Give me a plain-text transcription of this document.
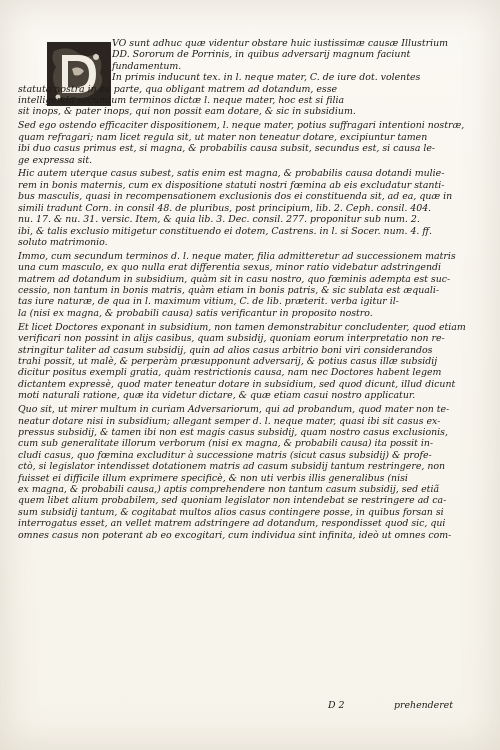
VO sunt adhuc quæ videntur obstare huic iustissimæ causæ Illustrium
DD. Sororum de Porrinis, in quibus adversarij magnum faciunt
fundamentum.
In primis inducunt tex. in l. neque mater, C. de iure dot. volentes
statuta nostra in ea parte, qua obligant matrem ad dotandum, esse
intelligenda secundum terminos dictæ l. neque mater, hoc est si filia
sit inops, & pater inops, qui non possit eam dotare, & sic in subsidium.
Sed ego ostendo efficaciter dispositionem, l. neque mater, potius suffragari intentioni nostræ,
quam refragari; nam licet regula sit, ut mater non teneatur dotare, excipiuntur tamen
ibi duo casus primus est, si magna, & probabilis causa subsit, secundus est, si causa le-
ge expressa sit.
Hic autem uterque casus subest, satis enim est magna, & probabilis causa dotandi mulie-
rem in bonis maternis, cum ex dispositione statuti nostri fœmina ab eis excludatur stanti-
bus masculis, quasi in recompensationem exclusionis dos ei constituenda sit, ad ea, quæ in
simili tradunt Corn. in consil 48. de pluribus, post principium, lib. 2. Ceph. consil. 404.
nu. 17. & nu. 31. versic. Item, & quia lib. 3. Dec. consil. 277. proponitur sub num. 2.
ibi, & talis exclusio mitigetur constituendo ei dotem, Castrens. in l. si Socer. num. 4. ff.
soluto matrimonio.
Immo, cum secundum terminos d. l. neque mater, filia admitteretur ad successionem matris
una cum masculo, ex quo nulla erat differentia sexus, minor ratio videbatur adstringendi
matrem ad dotandum in subsidium, quàm sit in casu nostro, quo fœminis adempta est suc-
cessio, non tantum in bonis matris, quàm etiam in bonis patris, & sic sublata est æquali-
tas iure naturæ, de qua in l. maximum vitium, C. de lib. præterit. verba igitur il-
la (nisi ex magna, & probabili causa) satis verificantur in proposito nostro.
Et licet Doctores exponant in subsidium, non tamen demonstrabitur concludenter, quod etiam
verificari non possint in alijs casibus, quam subsidij, quoniam eorum interpretatio non re-
stringitur taliter ad casum subsidij, quin ad alios casus arbitrio boni viri considerandos
trahi possit, ut malè, & perperàm præsupponunt adversarij, & potius casus illæ subsidij
dicitur positus exempli gratia, quàm restrictionis causa, nam nec Doctores habent legem
dictantem expressè, quod mater teneatur dotare in subsidium, sed quod dicunt, illud dicunt
moti naturali ratione, quæ ita videtur dictare, & quæ etiam casui nostro applicatur.
Quo sit, ut mirer multum in curiam Adversariorum, qui ad probandum, quod mater non te-
neatur dotare nisi in subsidium; allegant semper d. l. neque mater, quasi ibi sit casus ex-
pressus subsidij, & tamen ibi non est magis casus subsidij, quam nostro casus exclusionis,
cum sub generalitate illorum verborum (nisi ex magna, & probabili causa) ita possit in-
cludi casus, quo fœmina excluditur à successione matris (sicut casus subsidij) & profe-
ctò, si legislator intendisset dotationem matris ad casum subsidij tantum restringere, non
fuisset ei difficile illum exprimere specificè, & non uti verbis illis generalibus (nisi
ex magna, & probabili causa,) aptis comprehendere non tantum casum subsidij, sed etiã
quem libet alium probabilem, sed quoniam legislator non intendebat se restringere ad ca-
sum subsidij tantum, & cogitabat multos alios casus contingere posse, in quibus forsan si
interrogatus esset, an vellet matrem adstringere ad dotandum, respondisset quod sic, qui
omnes casus non poterant ab eo excogitari, cum individua sint infinita, ideò ut omnes com-
D 2	prehenderet
